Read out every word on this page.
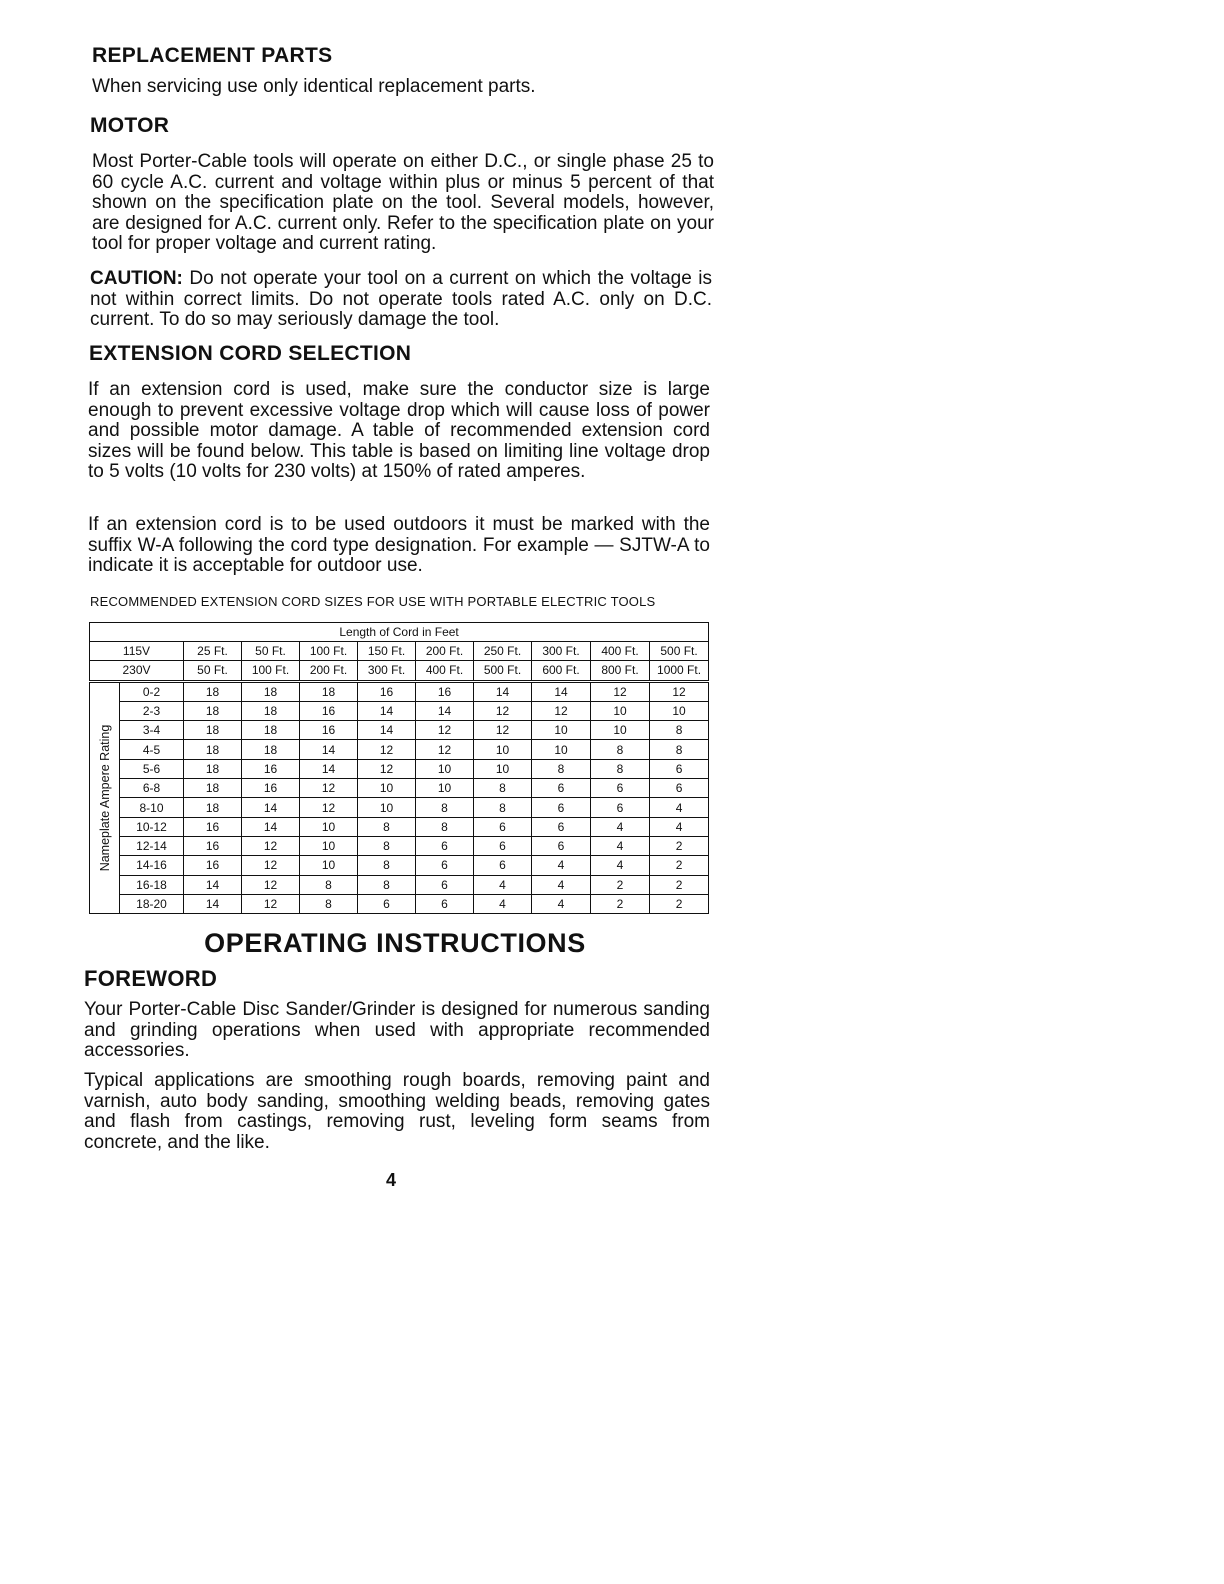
REPLACEMENT PARTS

When servicing use only identical replacement parts.

MOTOR

Most Porter-Cable tools will operate on either D.C., or single phase 25 to 60 cycle A.C. current and voltage within plus or minus 5 percent of that shown on the specification plate on the tool. Several models, however, are designed for A.C. current only. Refer to the specification plate on your tool for proper voltage and current rating.

CAUTION: Do not operate your tool on a current on which the voltage is not within correct limits. Do not operate tools rated A.C. only on D.C. current. To do so may seriously damage the tool.

EXTENSION CORD SELECTION

If an extension cord is used, make sure the conductor size is large enough to prevent excessive voltage drop which will cause loss of power and possible motor damage. A table of recommended extension cord sizes will be found below. This table is based on limiting line voltage drop to 5 volts (10 volts for 230 volts) at 150% of rated amperes.

If an extension cord is to be used outdoors it must be marked with the suffix W-A following the cord type designation. For example — SJTW-A to indicate it is acceptable for outdoor use.

RECOMMENDED EXTENSION CORD SIZES FOR USE WITH PORTABLE ELECTRIC TOOLS
Length of Cord in Feet										
115V		25 Ft.	50 Ft.	100 Ft.	150 Ft.	200 Ft.	250 Ft.	300 Ft.	400 Ft.	500 Ft.
230V		50 Ft.	100 Ft.	200 Ft.	300 Ft.	400 Ft.	500 Ft.	600 Ft.	800 Ft.	1000 Ft.

Nameplate Ampere Rating	0-2	18	18	18	16	16	14	14	12	12
	2-3	18	18	16	14	14	12	12	10	10
	3-4	18	18	16	14	12	12	10	10	8
	4-5	18	18	14	12	12	10	10	8	8
	5-6	18	16	14	12	10	10	8	8	6
	6-8	18	16	12	10	10	8	6	6	6
	8-10	18	14	12	10	8	8	6	6	4
	10-12	16	14	10	8	8	6	6	4	4
	12-14	16	12	10	8	6	6	6	4	2
	14-16	16	12	10	8	6	6	4	4	2
	16-18	14	12	8	8	6	4	4	2	2
	18-20	14	12	8	6	6	4	4	2	2
OPERATING INSTRUCTIONS
FOREWORD

Your Porter-Cable Disc Sander/Grinder is designed for numerous sanding and grinding operations when used with appropriate recommended accessories.

Typical applications are smoothing rough boards, removing paint and varnish, auto body sanding, smoothing welding beads, removing gates and flash from castings, removing rust, leveling form seams from concrete, and the like.

4
